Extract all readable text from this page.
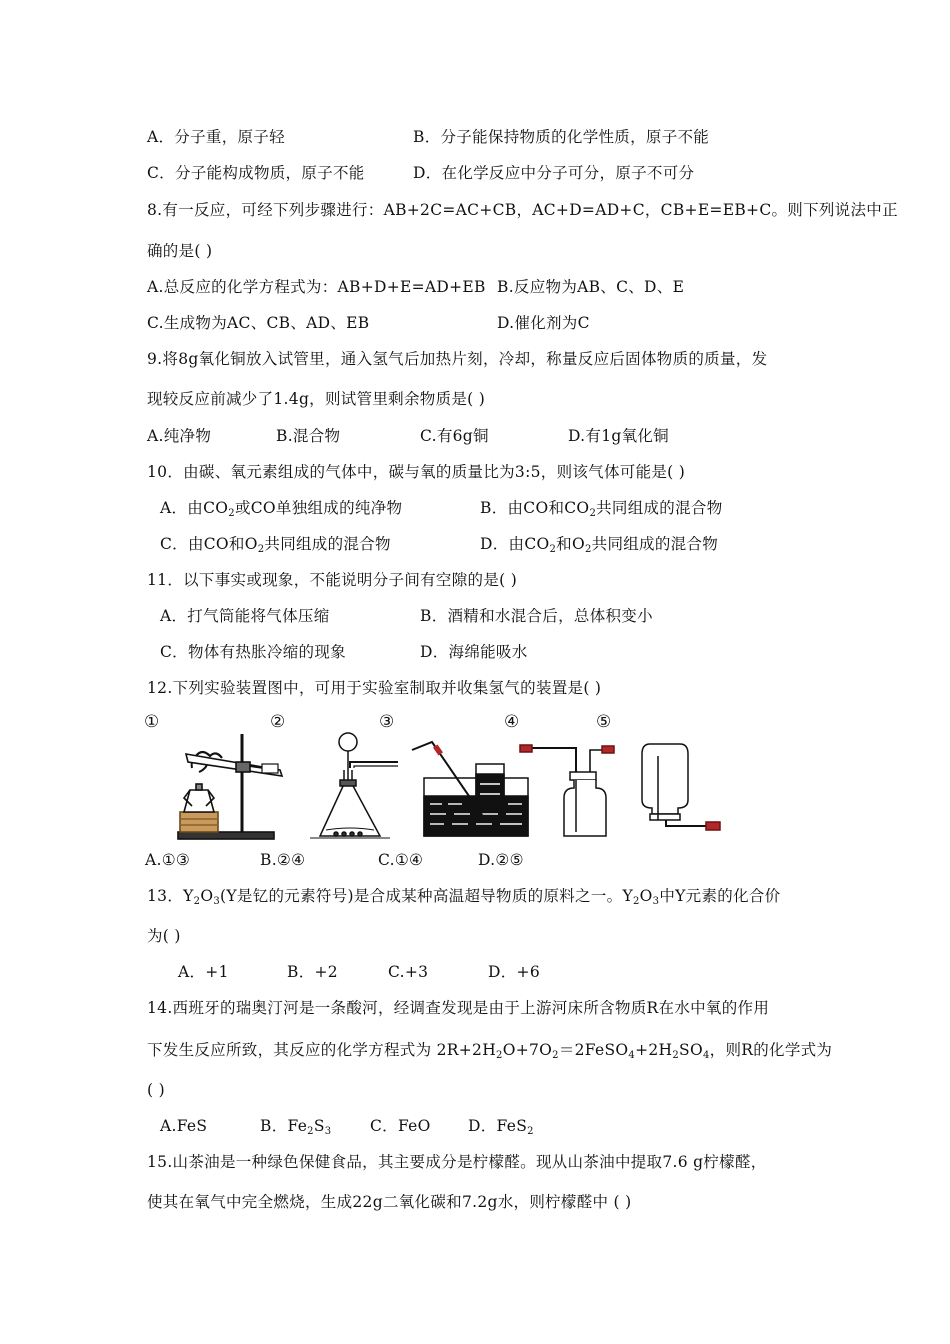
A．分子重，原子轻	B．分子能保持物质的化学性质，原子不能
C．分子能构成物质，原子不能	D．在化学反应中分子可分，原子不可分
8.有一反应，可经下列步骤进行：AB+2C=AC+CB，AC+D=AD+C，CB+E=EB+C。则下列说法中正
确的是( )
A.总反应的化学方程式为：AB+D+E=AD+EB B.反应物为AB、C、D、E
C.生成物为AC、CB、AD、EB	D.催化剂为C
9.将8g氧化铜放入试管里，通入氢气后加热片刻，冷却，称量反应后固体物质的质量，发
现较反应前减少了1.4g，则试管里剩余物质是( )
A.纯净物	B.混合物	C.有6g铜	D.有1g氧化铜
10．由碳、氧元素组成的气体中，碳与氧的质量比为3:5，则该气体可能是( )
A．由$CO_2$或CO单独组成的纯净物	B．由CO和$CO_2$共同组成的混合物
C．由CO和$O_2$共同组成的混合物	D．由$CO_2$和$O_2$共同组成的混合物
11．以下事实或现象，不能说明分子间有空隙的是( )
A．打气筒能将气体压缩	B．酒精和水混合后，总体积变小
C．物体有热胀冷缩的现象	D．海绵能吸水
12.下列实验装置图中，可用于实验室制取并收集氢气的装置是( )
①	②	③	④	⑤
A.①③	B.②④	C.①④	D.②⑤
13．$Y_2O_3(Y$是钇的元素符号)是合成某种高温超导物质的原料之一。$Y_2O_3$中Y元素的化合价
为( )
A．+1	B．+2	C.+3	D．+6
14.西班牙的瑞奥汀河是一条酸河，经调查发现是由于上游河床所含物质R在水中氧的作用
下发生反应所致，其反应的化学方程式为 $2R+2H_2O+7O_2=2FeSO_4+2H_2SO_4$，则R的化学式为
( )
A.FeS	B．$Fe_2S_3$ C．FeO D．FeS$_2$
15.山茶油是一种绿色保健食品，其主要成分是柠檬醛。现从山茶油中提取7.6 g柠檬醛，
使其在氧气中完全燃烧，生成22g二氧化碳和7.2g水，则柠檬醛中 ( )
